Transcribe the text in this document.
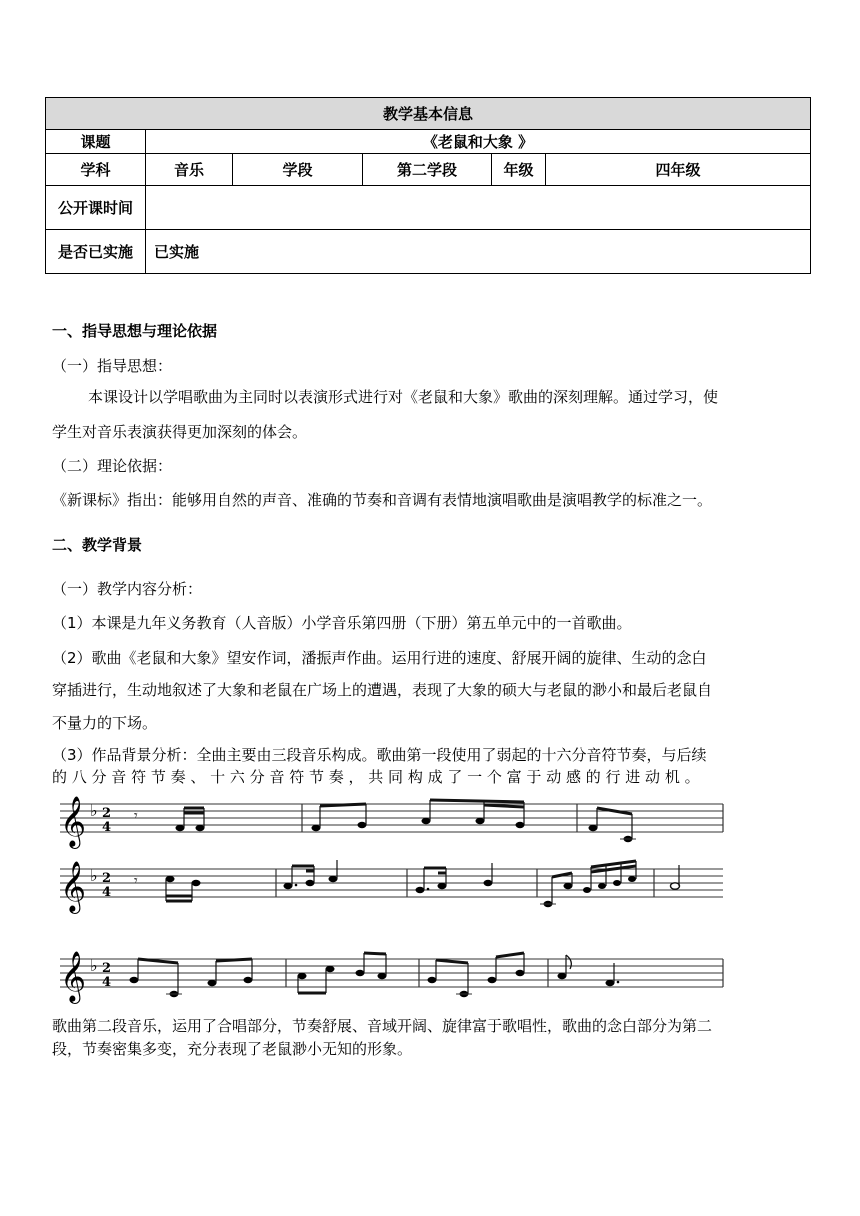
教学基本信息					
课题	《老鼠和大象 》				
学科	音乐	学段	第二学段	年级	四年级
公开课时间					
是否已实施	已实施				
一、指导思想与理论依据
（一）指导思想：
本课设计以学唱歌曲为主同时以表演形式进行对《老鼠和大象》歌曲的深刻理解。通过学习，使
学生对音乐表演获得更加深刻的体会。
（二）理论依据：
《新课标》指出：能够用自然的声音、准确的节奏和音调有表情地演唱歌曲是演唱教学的标准之一。
二、教学背景
（一）教学内容分析：
（1）本课是九年义务教育（人音版）小学音乐第四册（下册）第五单元中的一首歌曲。
（2）歌曲《老鼠和大象》望安作词，潘振声作曲。运用行进的速度、舒展开阔的旋律、生动的念白
穿插进行，生动地叙述了大象和老鼠在广场上的遭遇，表现了大象的硕大与老鼠的渺小和最后老鼠自
不量力的下场。
（3）作品背景分析：全曲主要由三段音乐构成。歌曲第一段使用了弱起的十六分音符节奏，与后续
的 八 分 音 符 节 奏 、 十 六 分 音 符 节 奏 ， 共 同 构 成 了 一 个 富 于 动 感 的 行 进 动 机 。
𝄞 ♭ 2
4
𝄾
𝄞 ♭ 2
4
𝄾
𝄞 ♭ 2
4
歌曲第二段音乐，运用了合唱部分，节奏舒展、音域开阔、旋律富于歌唱性，歌曲的念白部分为第二
段，节奏密集多变，充分表现了老鼠渺小无知的形象。
